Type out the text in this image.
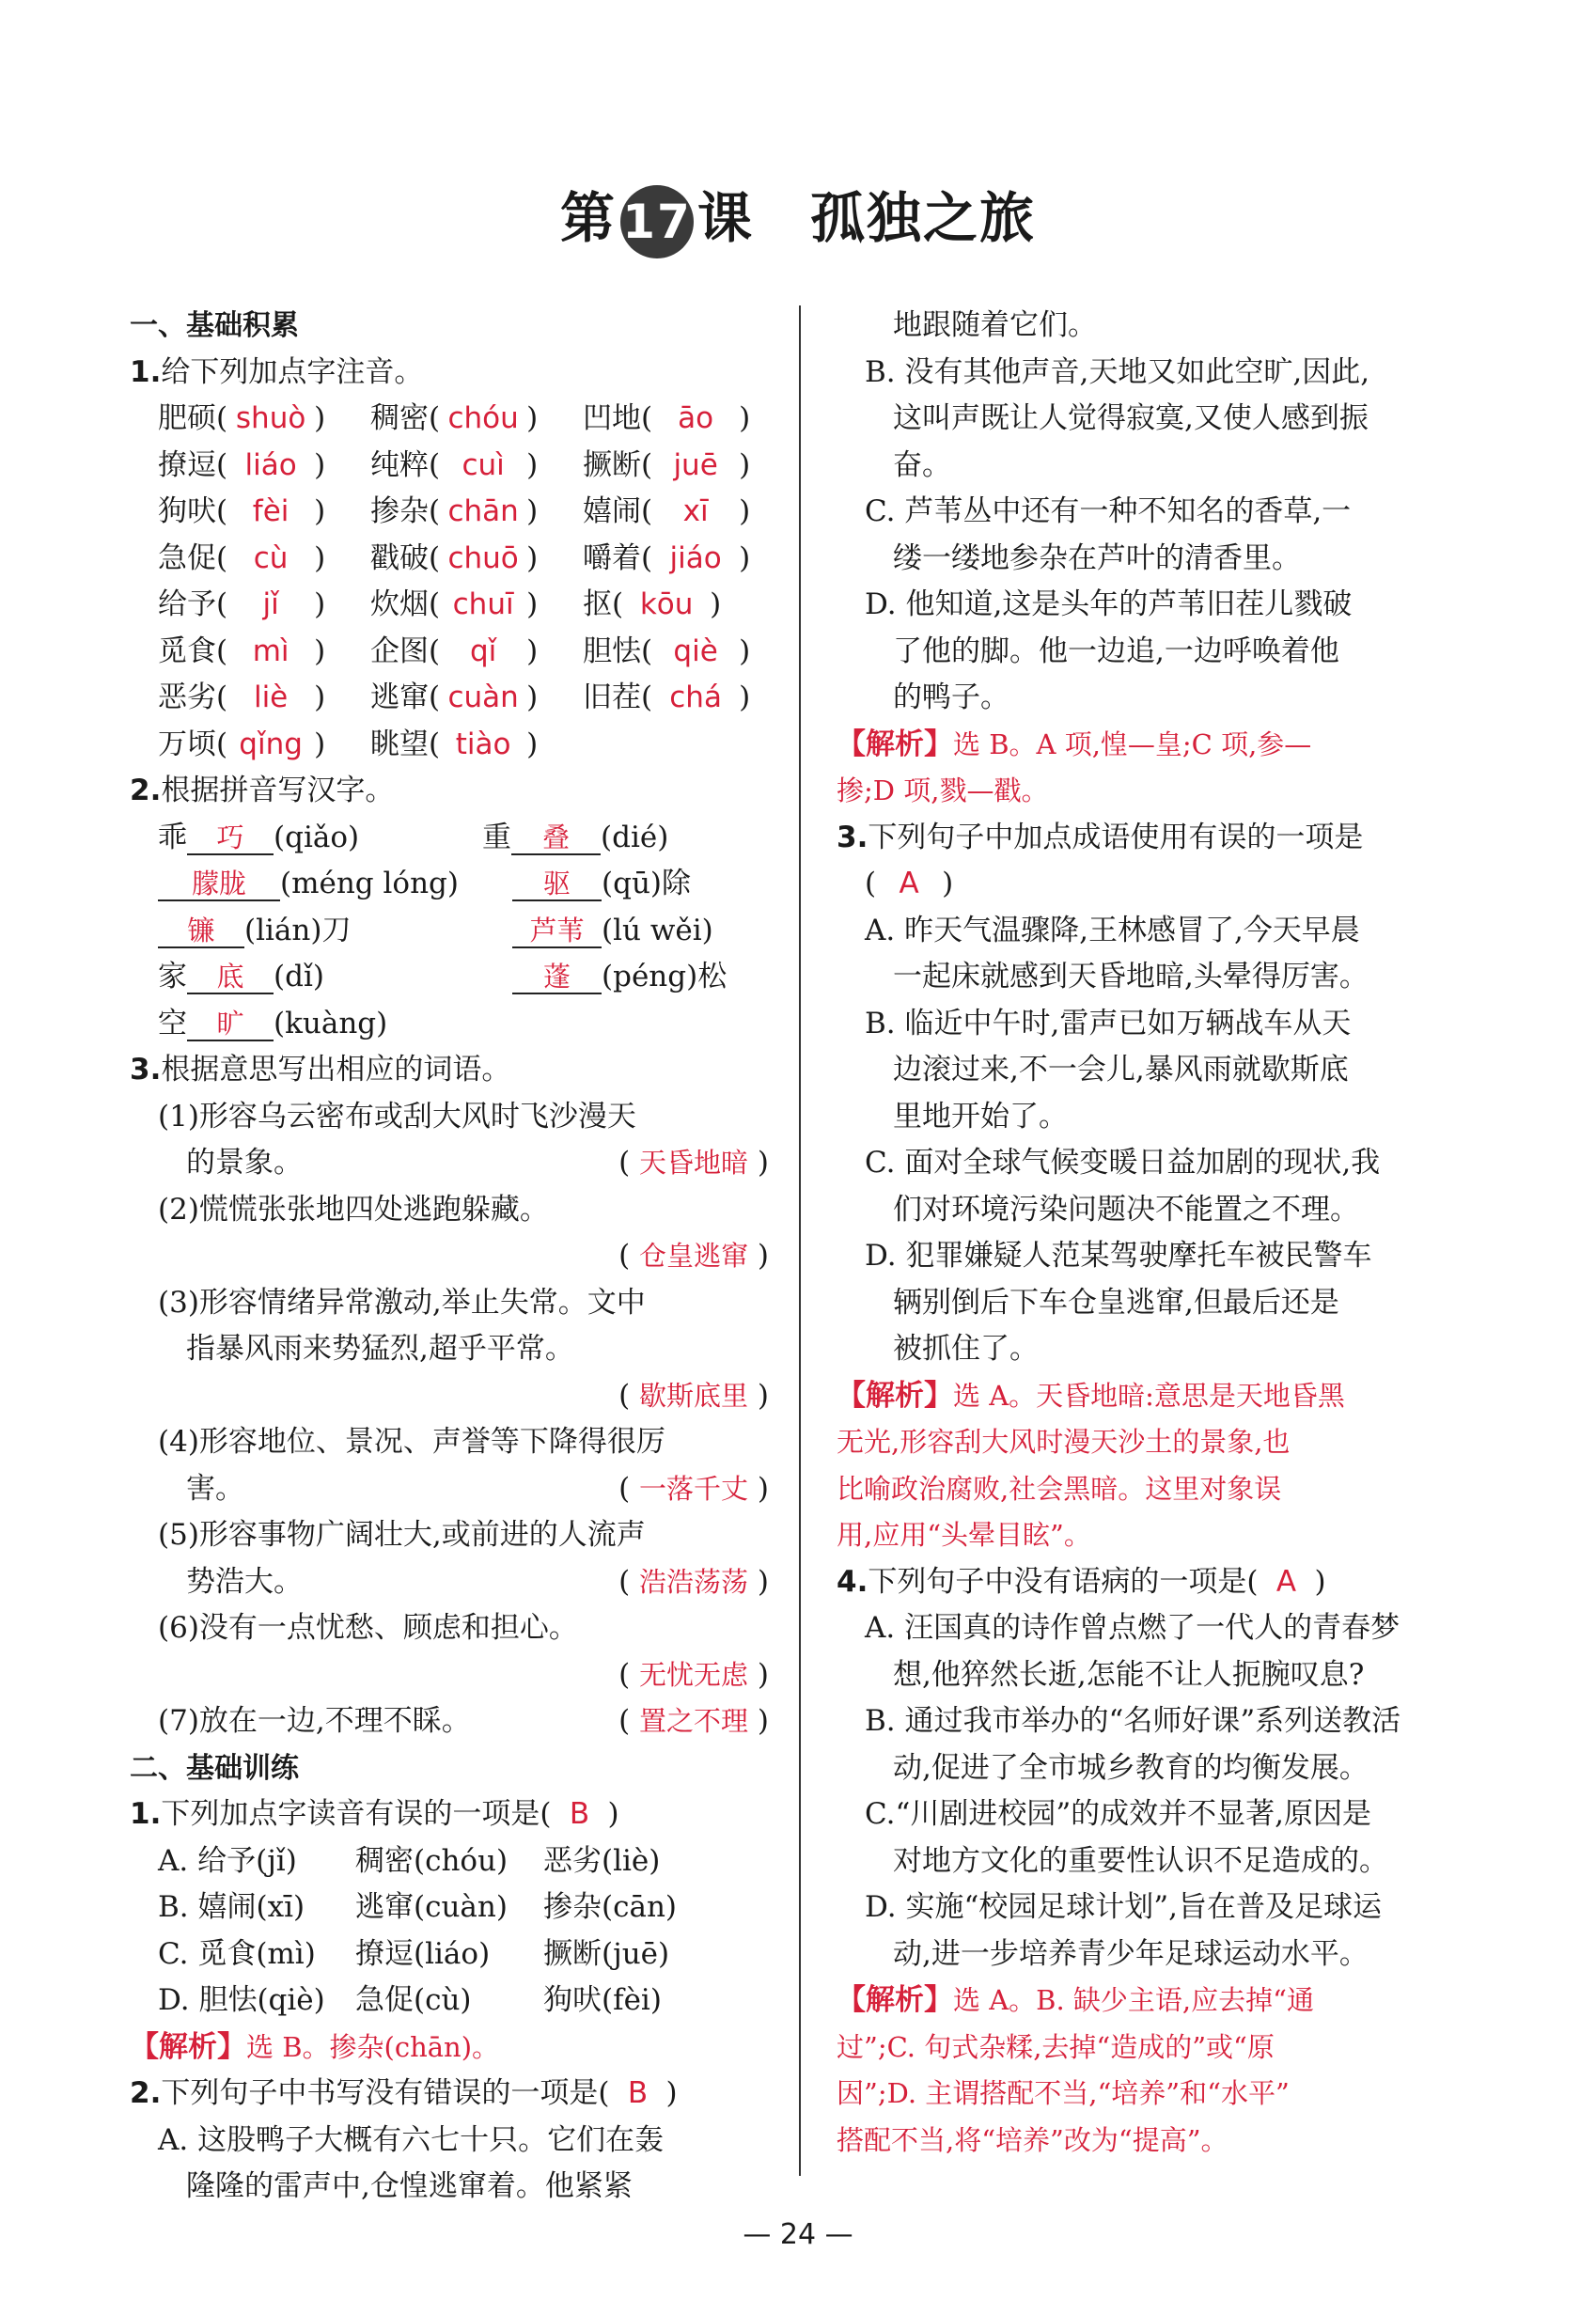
第 17 课 孤独之旅
一、基础积累
1.给下列加点字注音。
肥硕( shuò ) 稠密( chóu ) 凹地( āo )
撩逗( liáo ) 纯粹( cuì ) 撅断( juē )
狗吠( fèi ) 掺杂( chān ) 嬉闹( xī )
急促( cù ) 戳破( chuō ) 嚼着( jiáo )
给予( jǐ ) 炊烟( chuī ) 抠( kōu )
觅食( mì ) 企图( qǐ ) 胆怯( qiè )
恶劣( liè ) 逃窜( cuàn ) 旧茬( chá )
万顷( qǐng ) 眺望( tiào )
2.根据拼音写汉字。
乖 巧 (qiǎo)	重 叠 (dié)
朦胧 (méng lóng)	驱 (qū)除
镰 (lián)刀	芦苇 (lú wěi)
家 底 (dǐ)	蓬 (péng)松
空 旷 (kuàng)
3.根据意思写出相应的词语。
(1)形容乌云密布或刮大风时飞沙漫天
的景象。	( 天昏地暗 )
(2)慌慌张张地四处逃跑躲藏。
( 仓皇逃窜 )
(3)形容情绪异常激动,举止失常。文中
指暴风雨来势猛烈,超乎平常。
( 歇斯底里 )
(4)形容地位、景况、声誉等下降得很厉
害。	( 一落千丈 )
(5)形容事物广阔壮大,或前进的人流声
势浩大。	( 浩浩荡荡 )
(6)没有一点忧愁、顾虑和担心。
( 无忧无虑 )
(7)放在一边,不理不睬。	( 置之不理 )
二、基础训练
1.下列加点字读音有误的一项是( B )
A. 给予(jǐ) 稠密(chóu) 恶劣(liè)
B. 嬉闹(xī) 逃窜(cuàn) 掺杂(cān)
C. 觅食(mì) 撩逗(liáo) 撅断(juē)
D. 胆怯(qiè) 急促(cù) 狗吠(fèi)
【解析】选 B。掺杂(chān)。
2.下列句子中书写没有错误的一项是( B )
A. 这股鸭子大概有六七十只。它们在轰
隆隆的雷声中,仓惶逃窜着。他紧紧
地跟随着它们。
B. 没有其他声音,天地又如此空旷,因此,
这叫声既让人觉得寂寞,又使人感到振
奋。
C. 芦苇丛中还有一种不知名的香草,一
缕一缕地参杂在芦叶的清香里。
D. 他知道,这是头年的芦苇旧茬儿戮破
了他的脚。他一边追,一边呼唤着他
的鸭子。
【解析】选 B。A 项,惶—皇;C 项,参—
掺;D 项,戮—戳。
3.下列句子中加点成语使用有误的一项是
( A )
A. 昨天气温骤降,王林感冒了,今天早晨
一起床就感到天昏地暗,头晕得厉害。
B. 临近中午时,雷声已如万辆战车从天
边滚过来,不一会儿,暴风雨就歇斯底
里地开始了。
C. 面对全球气候变暖日益加剧的现状,我
们对环境污染问题决不能置之不理。
D. 犯罪嫌疑人范某驾驶摩托车被民警车
辆别倒后下车仓皇逃窜,但最后还是
被抓住了。
【解析】选 A。天昏地暗:意思是天地昏黑
无光,形容刮大风时漫天沙土的景象,也
比喻政治腐败,社会黑暗。这里对象误
用,应用“头晕目眩”。
4.下列句子中没有语病的一项是( A )
A. 汪国真的诗作曾点燃了一代人的青春梦
想,他猝然长逝,怎能不让人扼腕叹息?
B. 通过我市举办的“名师好课”系列送教活
动,促进了全市城乡教育的均衡发展。
C.“川剧进校园”的成效并不显著,原因是
对地方文化的重要性认识不足造成的。
D. 实施“校园足球计划”,旨在普及足球运
动,进一步培养青少年足球运动水平。
【解析】选 A。B. 缺少主语,应去掉“通
过”;C. 句式杂糅,去掉“造成的”或“原
因”;D. 主谓搭配不当,“培养”和“水平”
搭配不当,将“培养”改为“提高”。
— 24 —
